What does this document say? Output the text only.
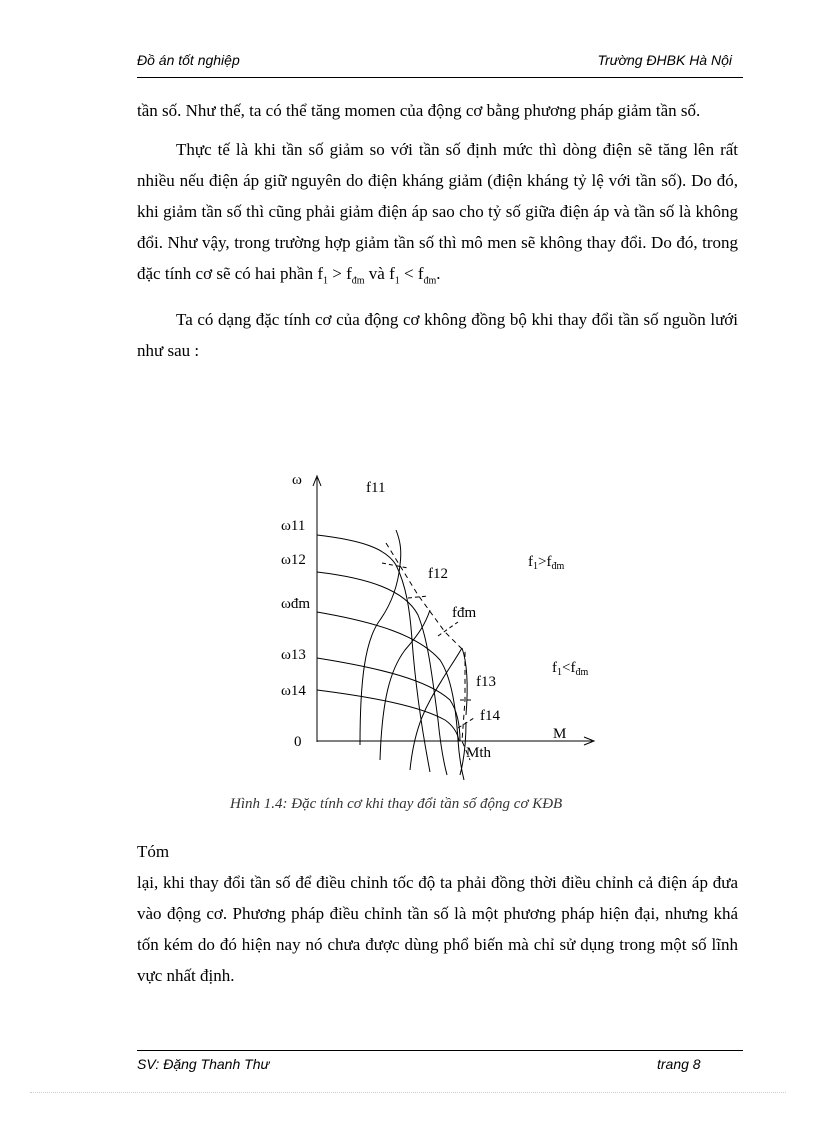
Đồ án tốt nghiệp	Trường ĐHBK Hà Nội

tần số. Như thế, ta có thể tăng momen của động cơ bằng phương pháp giảm tần số.

Thực tế là khi tần số giảm so với tần số định mức thì dòng điện sẽ tăng lên rất nhiều nếu điện áp giữ nguyên do điện kháng giảm (điện kháng tỷ lệ với tần số). Do đó, khi giảm tần số thì cũng phải giảm điện áp sao cho tỷ số giữa điện áp và tần số là không đổi. Như vậy, trong trường hợp giảm tần số thì mô men sẽ không thay đổi. Do đó, trong đặc tính cơ sẽ có hai phần $f_1 > f_{đm}$ và $f_1 < f_{đm}$.

Ta có dạng đặc tính cơ của động cơ không đồng bộ khi thay đổi tần số nguồn lưới như sau :

ω
ω11
ω12
ωđm
ω13
ω14
0
f11
f12
fđm
f13
f14
M
Mth
$f_1>f_{đm}$
$f_1<f_{đm}$
Hình 1.4: Đặc tính cơ khi thay đổi tần số động cơ KĐB

Tóm

lại, khi thay đổi tần số để điều chỉnh tốc độ ta phải đồng thời điều chỉnh cả điện áp đưa vào động cơ. Phương pháp điều chỉnh tần số là một phương pháp hiện đại, nhưng khá tốn kém do đó hiện nay nó chưa được dùng phổ biến mà chỉ sử dụng trong một số lĩnh vực nhất định.

SV: Đặng Thanh Thư	trang 8
